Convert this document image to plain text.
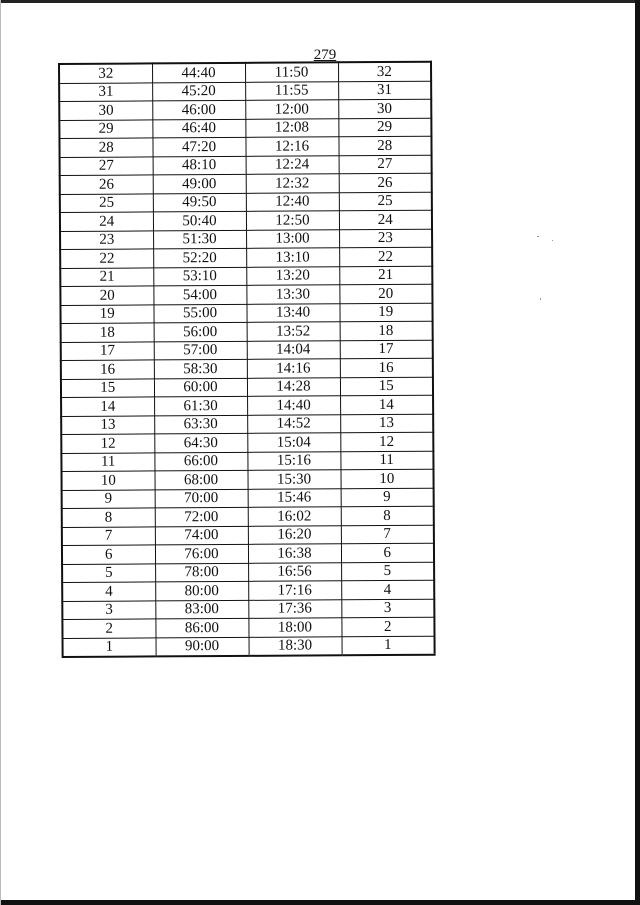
279
32	44:40	11:50	32
31	45:20	11:55	31
30	46:00	12:00	30
29	46:40	12:08	29
28	47:20	12:16	28
27	48:10	12:24	27
26	49:00	12:32	26
25	49:50	12:40	25
24	50:40	12:50	24
23	51:30	13:00	23
22	52:20	13:10	22
21	53:10	13:20	21
20	54:00	13:30	20
19	55:00	13:40	19
18	56:00	13:52	18
17	57:00	14:04	17
16	58:30	14:16	16
15	60:00	14:28	15
14	61:30	14:40	14
13	63:30	14:52	13
12	64:30	15:04	12
11	66:00	15:16	11
10	68:00	15:30	10
9	70:00	15:46	9
8	72:00	16:02	8
7	74:00	16:20	7
6	76:00	16:38	6
5	78:00	16:56	5
4	80:00	17:16	4
3	83:00	17:36	3
2	86:00	18:00	2
1	90:00	18:30	1
